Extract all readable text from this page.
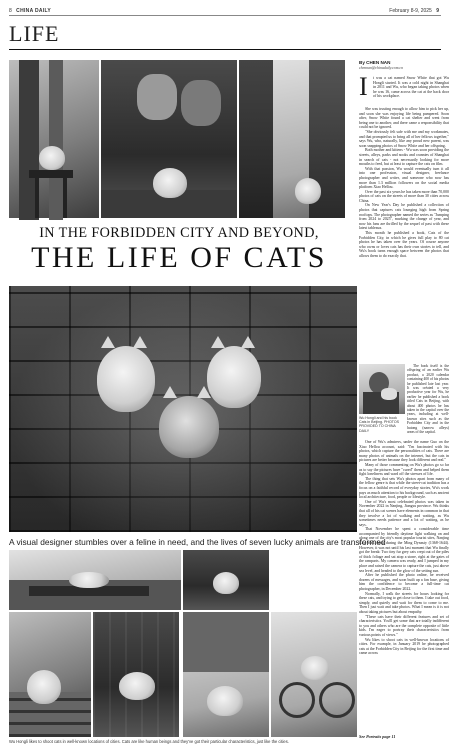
8 CHINA DAILY	February 8-9, 2025 9
LIFE
IN THE FORBIDDEN CITY AND BEYOND,
THE LIFE OF CATS
A visual designer stumbles over a feline in need, and the lives of seven lucky animals are transformed
Wu Hongli likes to shoot cats in well-known locations of cities. Cats are like human beings and they've got their particular characteristics, just like the cities.
By CHEN NAN
chennan@chinadaily.com.cn
I t was a cat named Snow White that got Wu Hongli started. It was a cold night in Shanghai in 2011 and Wu, who began taking photos when he was 16, came across the cat at the back door of his workplace.

She was trusting enough to allow him to pick her up, and soon she was enjoying life being pampered. Soon after, Snow White found a cat shelter and went from being one to another, and there came a responsibility that could not be ignored.

"She obviously felt safe with me and my workmates, and that prompted us to bring all of her fellows together," says Wu, who, naturally, like any proud new parent, was soon snapping photos of Snow White and her offspring.

Both mother and kittens - Wu was soon providing the streets, alleys, parks and nooks and crannies of Shanghai in search of cats - not necessarily looking for more mouths to feed, but at least to capture the cats on film.

With that passion, Wu would eventually turn it all into one profession, visual designer, freelance photographer and writer, and someone who now has more than 1.3 million followers on the social media platform Xiao Hellou.

Over the past six years he has taken more than 70,000 photos of cats on the streets of more than 30 cities across China.

On New Year's Day he published a collection of photos that captures cats lounging high from Spring rooftops. The photographer named the series as "Jumping from 2024 to 2025", marking the change of year, and now his fans are thrilled by the sequel of past with these latest tableaux.

This month he published a book, Cats of the Forbidden City, in which he gives full play to 80 cat photos he has taken over the years. Of course anyone who owns or loves cats has their own stories to tell, and Wu's book turns enough space between the photos that allows them to do exactly that.

The book itself is the offspring of an earlier Wu product, a 2020 calendar containing 400 of his photos he published late last year. It was créated a very productive year for Wu, he earlier he published a book titled Cats in Beijing, with about 400 photos he has taken in the capital over the years, including at well-known sites such as the Forbidden City and in the hutong (narrow alleys) areas of the capital.

Wu Hongli and his book Cats in Beijing. PHOTOS PROVIDED TO CHINA DAILY

One of Wu's admirers, under the name Guo on the Xiao Hellou account, said: "I'm fascinated with his photos, which capture the personalities of cats. There are many photos of animals on the internet, but the cats in pictures are better because they look different and real."

Many of those commenting on Wu's photos go so far as to say the pictures have "cured" them and helped them fight loneliness and ward off the stresses of life.

The thing that sets Wu's photos apart from many of the fellow genre is that while the street-cat tradition has a focus on a faithful record of everyday stories, Wu's work pays as much attention to his background, such as ancient local architecture, food, people or lifestyle.

One of Wu's most celebrated photos was taken in November 2022 in Nanjing, Jiangsu province. Wu thinks that all of his cat scenes have elements in common in that they involve a lot of walking and waiting, as Wu sometimes needs patience and a lot of waiting, as he says.

That November he spent a considerable time accompanied by friendly daytime light walking on and along one of the city's most popular tourist sites, Nanjing City Wall, built during the Ming Dynasty (1368-1644). However, it was not until his last moment that Wu finally got the break: Two tiny fur grey cats crept out of the piles of thick foliage and sat atop a stone, right at the gates of the ramparts. My camera was ready, and I jumped in my place and raised the camera to capture the cats, just above sea level, and headed to the glow of the setting sun.

After he published the photo online, he received dozens of messages, and soon built up a fan base, giving him the confidence to become a full-time cat photographer, in December 2022.

Normally, I walk the streets for hours looking for these cats, and trying to get close to them. I take out food, simply, and quietly and wait for them to come to me. Then I just wait and take photos. What I mean is it is not about taking pictures but about empathy.

"These cats have their different features and set of characteristics. You'll get some that are totally indifferent to you and others who are the complete opposite of little kids. I'm eager to portray their characteristics from various points of views."

Wu likes to shoot cats in well-known locations of cities. For example, in January 2019 he photographed cats at the Forbidden City in Beijing for the first time and came across

See Portraits page 11
